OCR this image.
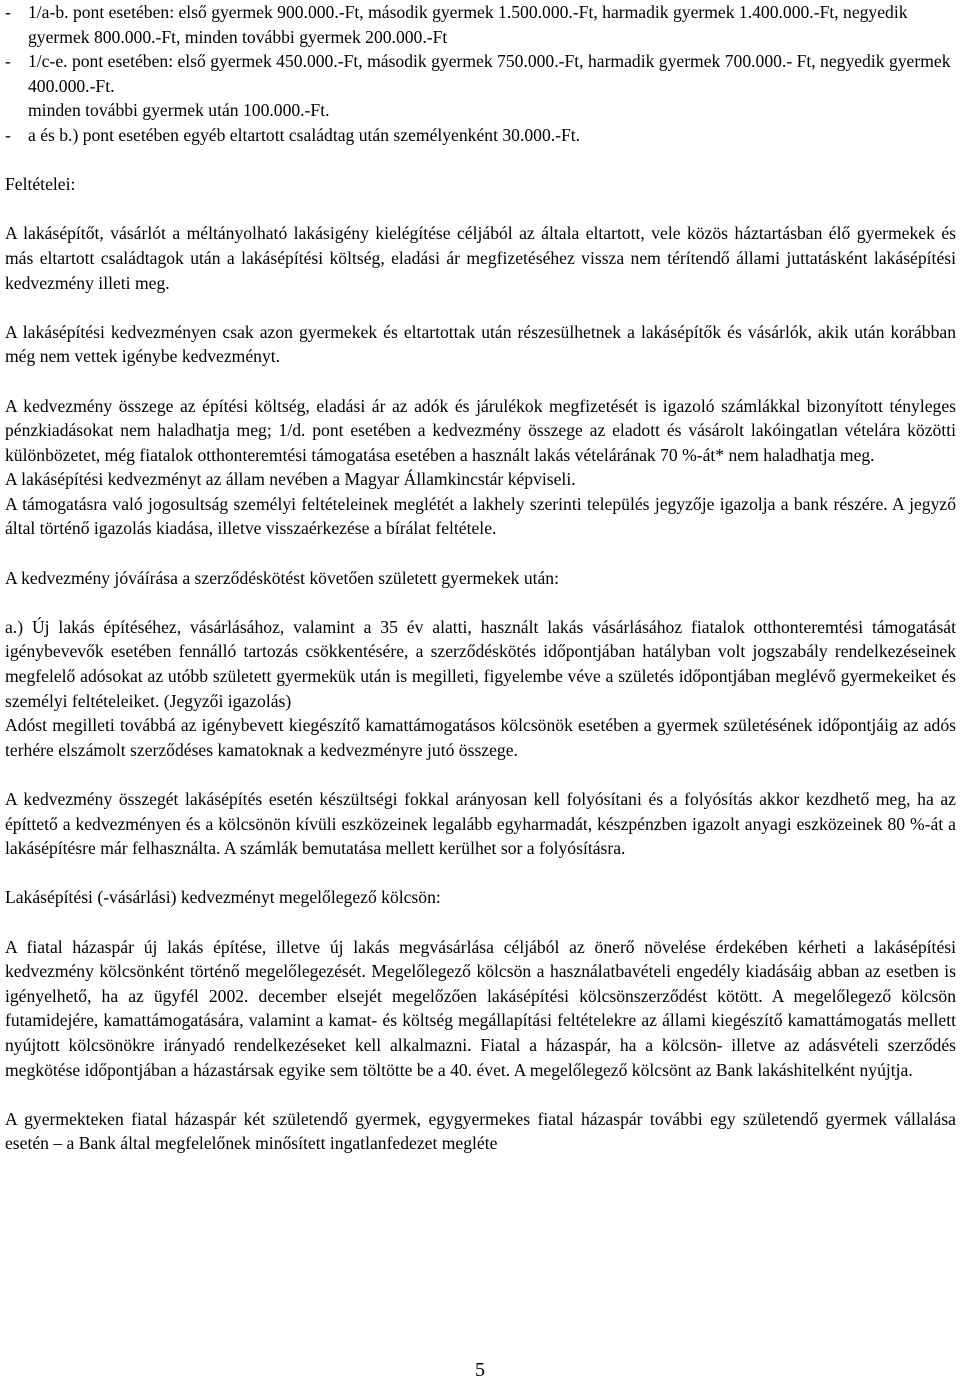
- 1/a-b. pont esetében: első gyermek 900.000.-Ft, második gyermek 1.500.000.-Ft, harmadik gyermek 1.400.000.-Ft, negyedik gyermek 800.000.-Ft, minden további gyermek 200.000.-Ft
- 1/c-e. pont esetében: első gyermek 450.000.-Ft, második gyermek 750.000.-Ft, harmadik gyermek 700.000.- Ft, negyedik gyermek 400.000.-Ft.

minden további gyermek után 100.000.-Ft.

- a és b.) pont esetében egyéb eltartott családtag után személyenként 30.000.-Ft.

Feltételei:

A lakásépítőt, vásárlót a méltányolható lakásigény kielégítése céljából az általa eltartott, vele közös háztartásban élő gyermekek és más eltartott családtagok után a lakásépítési költség, eladási ár megfizetéséhez vissza nem térítendő állami juttatásként lakásépítési kedvezmény illeti meg.

A lakásépítési kedvezményen csak azon gyermekek és eltartottak után részesülhetnek a lakásépítők és vásárlók, akik után korábban még nem vettek igénybe kedvezményt.

A kedvezmény összege az építési költség, eladási ár az adók és járulékok megfizetését is igazoló számlákkal bizonyított tényleges pénzkiadásokat nem haladhatja meg; 1/d. pont esetében a kedvezmény összege az eladott és vásárolt lakóingatlan vételára közötti különbözetet, még fiatalok otthonteremtési támogatása esetében a használt lakás vételárának 70 %-át* nem haladhatja meg.

A lakásépítési kedvezményt az állam nevében a Magyar Államkincstár képviseli.

A támogatásra való jogosultság személyi feltételeinek meglétét a lakhely szerinti település jegyzője igazolja a bank részére. A jegyző által történő igazolás kiadása, illetve visszaérkezése a bírálat feltétele.

A kedvezmény jóváírása a szerződéskötést követően született gyermekek után:

a.) Új lakás építéséhez, vásárlásához, valamint a 35 év alatti, használt lakás vásárlásához fiatalok otthonteremtési támogatását igénybevevők esetében fennálló tartozás csökkentésére, a szerződéskötés időpontjában hatályban volt jogszabály rendelkezéseinek megfelelő adósokat az utóbb született gyermekük után is megilleti, figyelembe véve a születés időpontjában meglévő gyermekeiket és személyi feltételeiket. (Jegyzői igazolás)

Adóst megilleti továbbá az igénybevett kiegészítő kamattámogatásos kölcsönök esetében a gyermek születésének időpontjáig az adós terhére elszámolt szerződéses kamatoknak a kedvezményre jutó összege.

A kedvezmény összegét lakásépítés esetén készültségi fokkal arányosan kell folyósítani és a folyósítás akkor kezdhető meg, ha az építtető a kedvezményen és a kölcsönön kívüli eszközeinek legalább egyharmadát, készpénzben igazolt anyagi eszközeinek 80 %-át a lakásépítésre már felhasználta. A számlák bemutatása mellett kerülhet sor a folyósításra.

Lakásépítési (-vásárlási) kedvezményt megelőlegező kölcsön:

A fiatal házaspár új lakás építése, illetve új lakás megvásárlása céljából az önerő növelése érdekében kérheti a lakásépítési kedvezmény kölcsönként történő megelőlegezését. Megelőlegező kölcsön a használatbavételi engedély kiadásáig abban az esetben is igényelhető, ha az ügyfél 2002. december elsejét megelőzően lakásépítési kölcsönszerződést kötött. A megelőlegező kölcsön futamidejére, kamattámogatására, valamint a kamat- és költség megállapítási feltételekre az állami kiegészítő kamattámogatás mellett nyújtott kölcsönökre irányadó rendelkezéseket kell alkalmazni. Fiatal a házaspár, ha a kölcsön- illetve az adásvételi szerződés megkötése időpontjában a házastársak egyike sem töltötte be a 40. évet. A megelőlegező kölcsönt az Bank lakáshitelként nyújtja.

A gyermekteken fiatal házaspár két születendő gyermek, egygyermekes fiatal házaspár további egy születendő gyermek vállalása esetén – a Bank által megfelelőnek minősített ingatlanfedezet megléte

5
